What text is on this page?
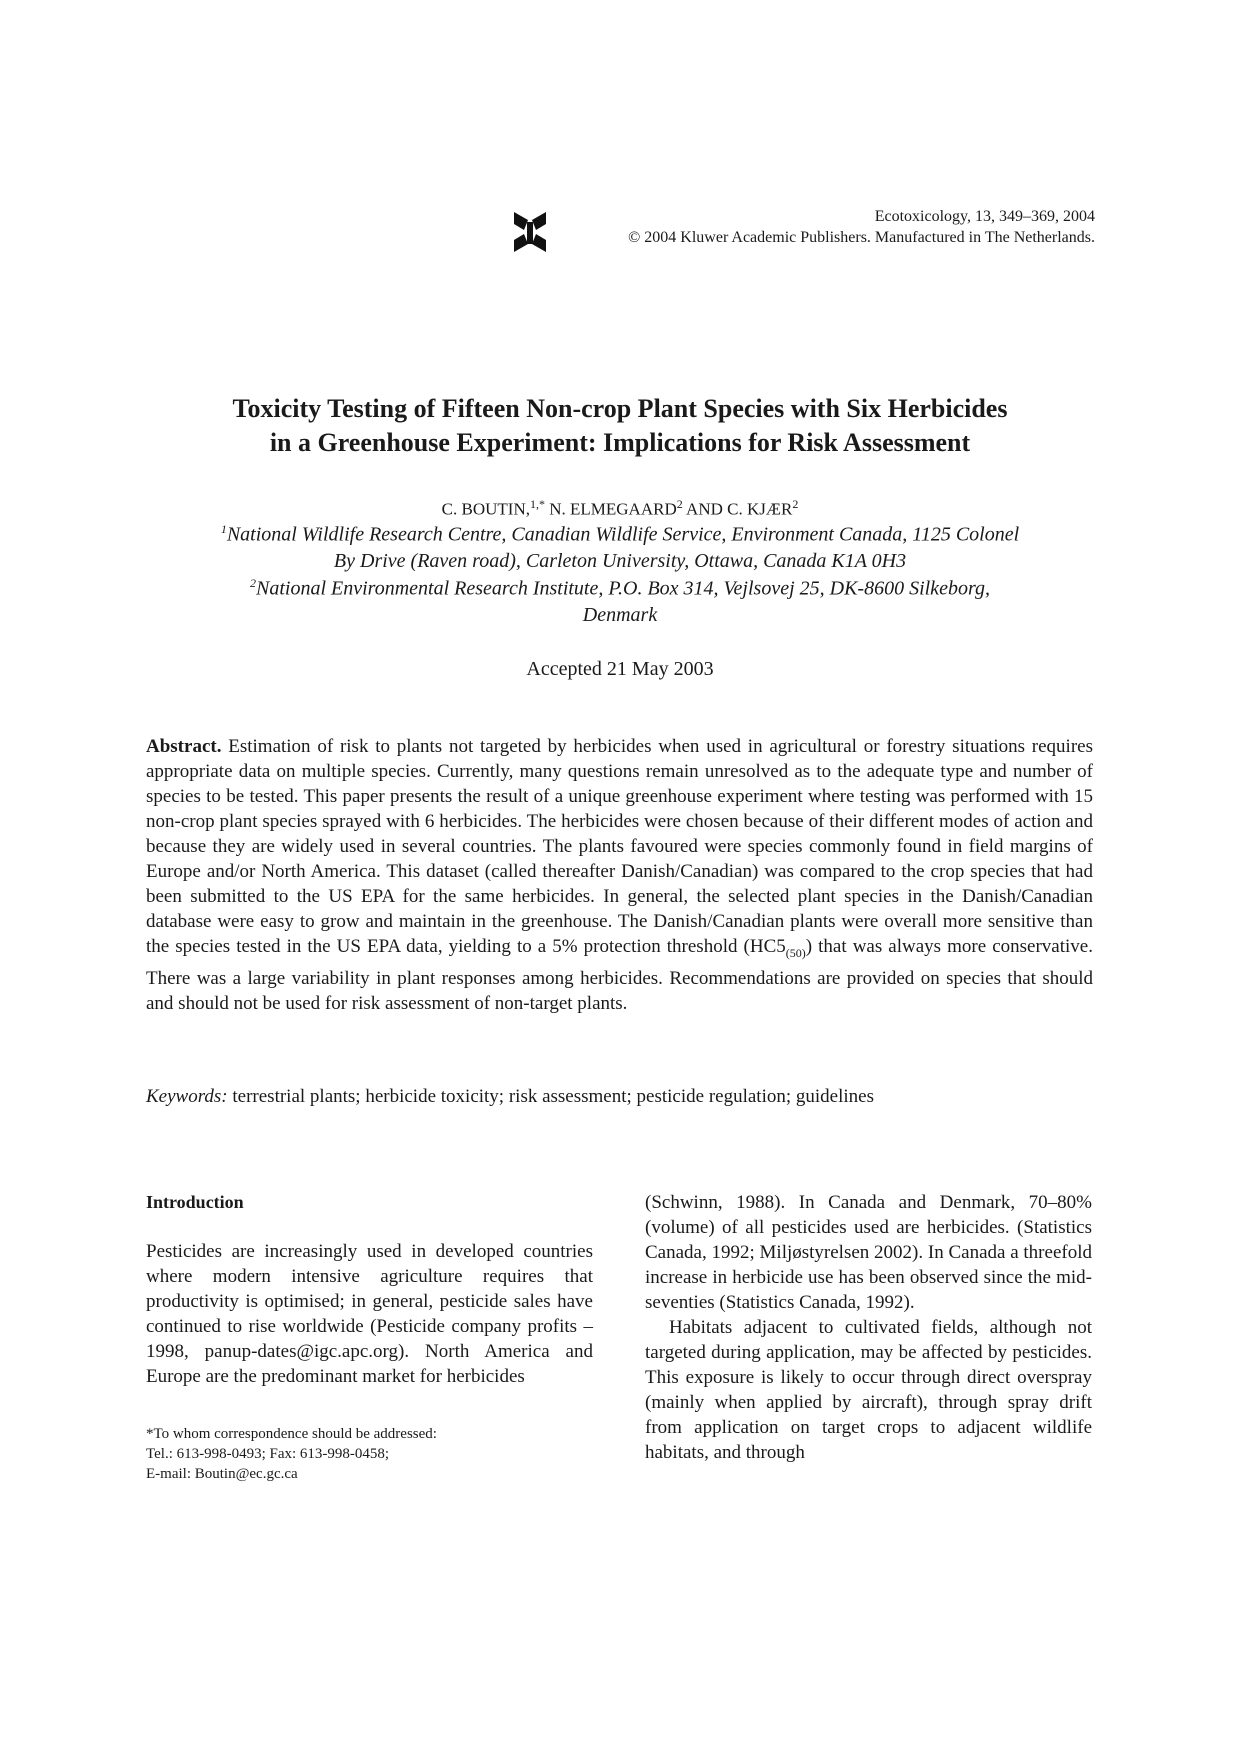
Ecotoxicology, 13, 349–369, 2004
© 2004 Kluwer Academic Publishers. Manufactured in The Netherlands.
Toxicity Testing of Fifteen Non-crop Plant Species with Six Herbicides
in a Greenhouse Experiment: Implications for Risk Assessment
C. BOUTIN,$^{1,*}$ N. ELMEGAARD$^2$ AND C. KJÆR$^2$
$^1$National Wildlife Research Centre, Canadian Wildlife Service, Environment Canada, 1125 Colonel
By Drive (Raven road), Carleton University, Ottawa, Canada K1A 0H3
$^2$National Environmental Research Institute, P.O. Box 314, Vejlsovej 25, DK-8600 Silkeborg,
Denmark
Accepted 21 May 2003

Abstract. Estimation of risk to plants not targeted by herbicides when used in agricultural or forestry situations requires appropriate data on multiple species. Currently, many questions remain unresolved as to the adequate type and number of species to be tested. This paper presents the result of a unique greenhouse experiment where testing was performed with 15 non-crop plant species sprayed with 6 herbicides. The herbicides were chosen because of their different modes of action and because they are widely used in several countries. The plants favoured were species commonly found in field margins of Europe and/or North America. This dataset (called thereafter Danish/Canadian) was compared to the crop species that had been submitted to the US EPA for the same herbicides. In general, the selected plant species in the Danish/Canadian database were easy to grow and maintain in the greenhouse. The Danish/Canadian plants were overall more sensitive than the species tested in the US EPA data, yielding to a 5% protection threshold $(HC5_{(50)})$ that was always more conservative. There was a large variability in plant responses among herbicides. Recommendations are provided on species that should and should not be used for risk assessment of non-target plants.

Keywords: terrestrial plants; herbicide toxicity; risk assessment; pesticide regulation; guidelines

Introduction

Pesticides are increasingly used in developed countries where modern intensive agriculture requires that productivity is optimised; in general, pesticide sales have continued to rise worldwide (Pesticide company profits – 1998, panup-dates@igc.apc.org). North America and Europe are the predominant market for herbicides

*To whom correspondence should be addressed:
Tel.: 613-998-0493; Fax: 613-998-0458;
E-mail: Boutin@ec.gc.ca

(Schwinn, 1988). In Canada and Denmark, 70–80% (volume) of all pesticides used are herbicides. (Statistics Canada, 1992; Miljøstyrelsen 2002). In Canada a threefold increase in herbicide use has been observed since the mid-seventies (Statistics Canada, 1992).

Habitats adjacent to cultivated fields, although not targeted during application, may be affected by pesticides. This exposure is likely to occur through direct overspray (mainly when applied by aircraft), through spray drift from application on target crops to adjacent wildlife habitats, and through
